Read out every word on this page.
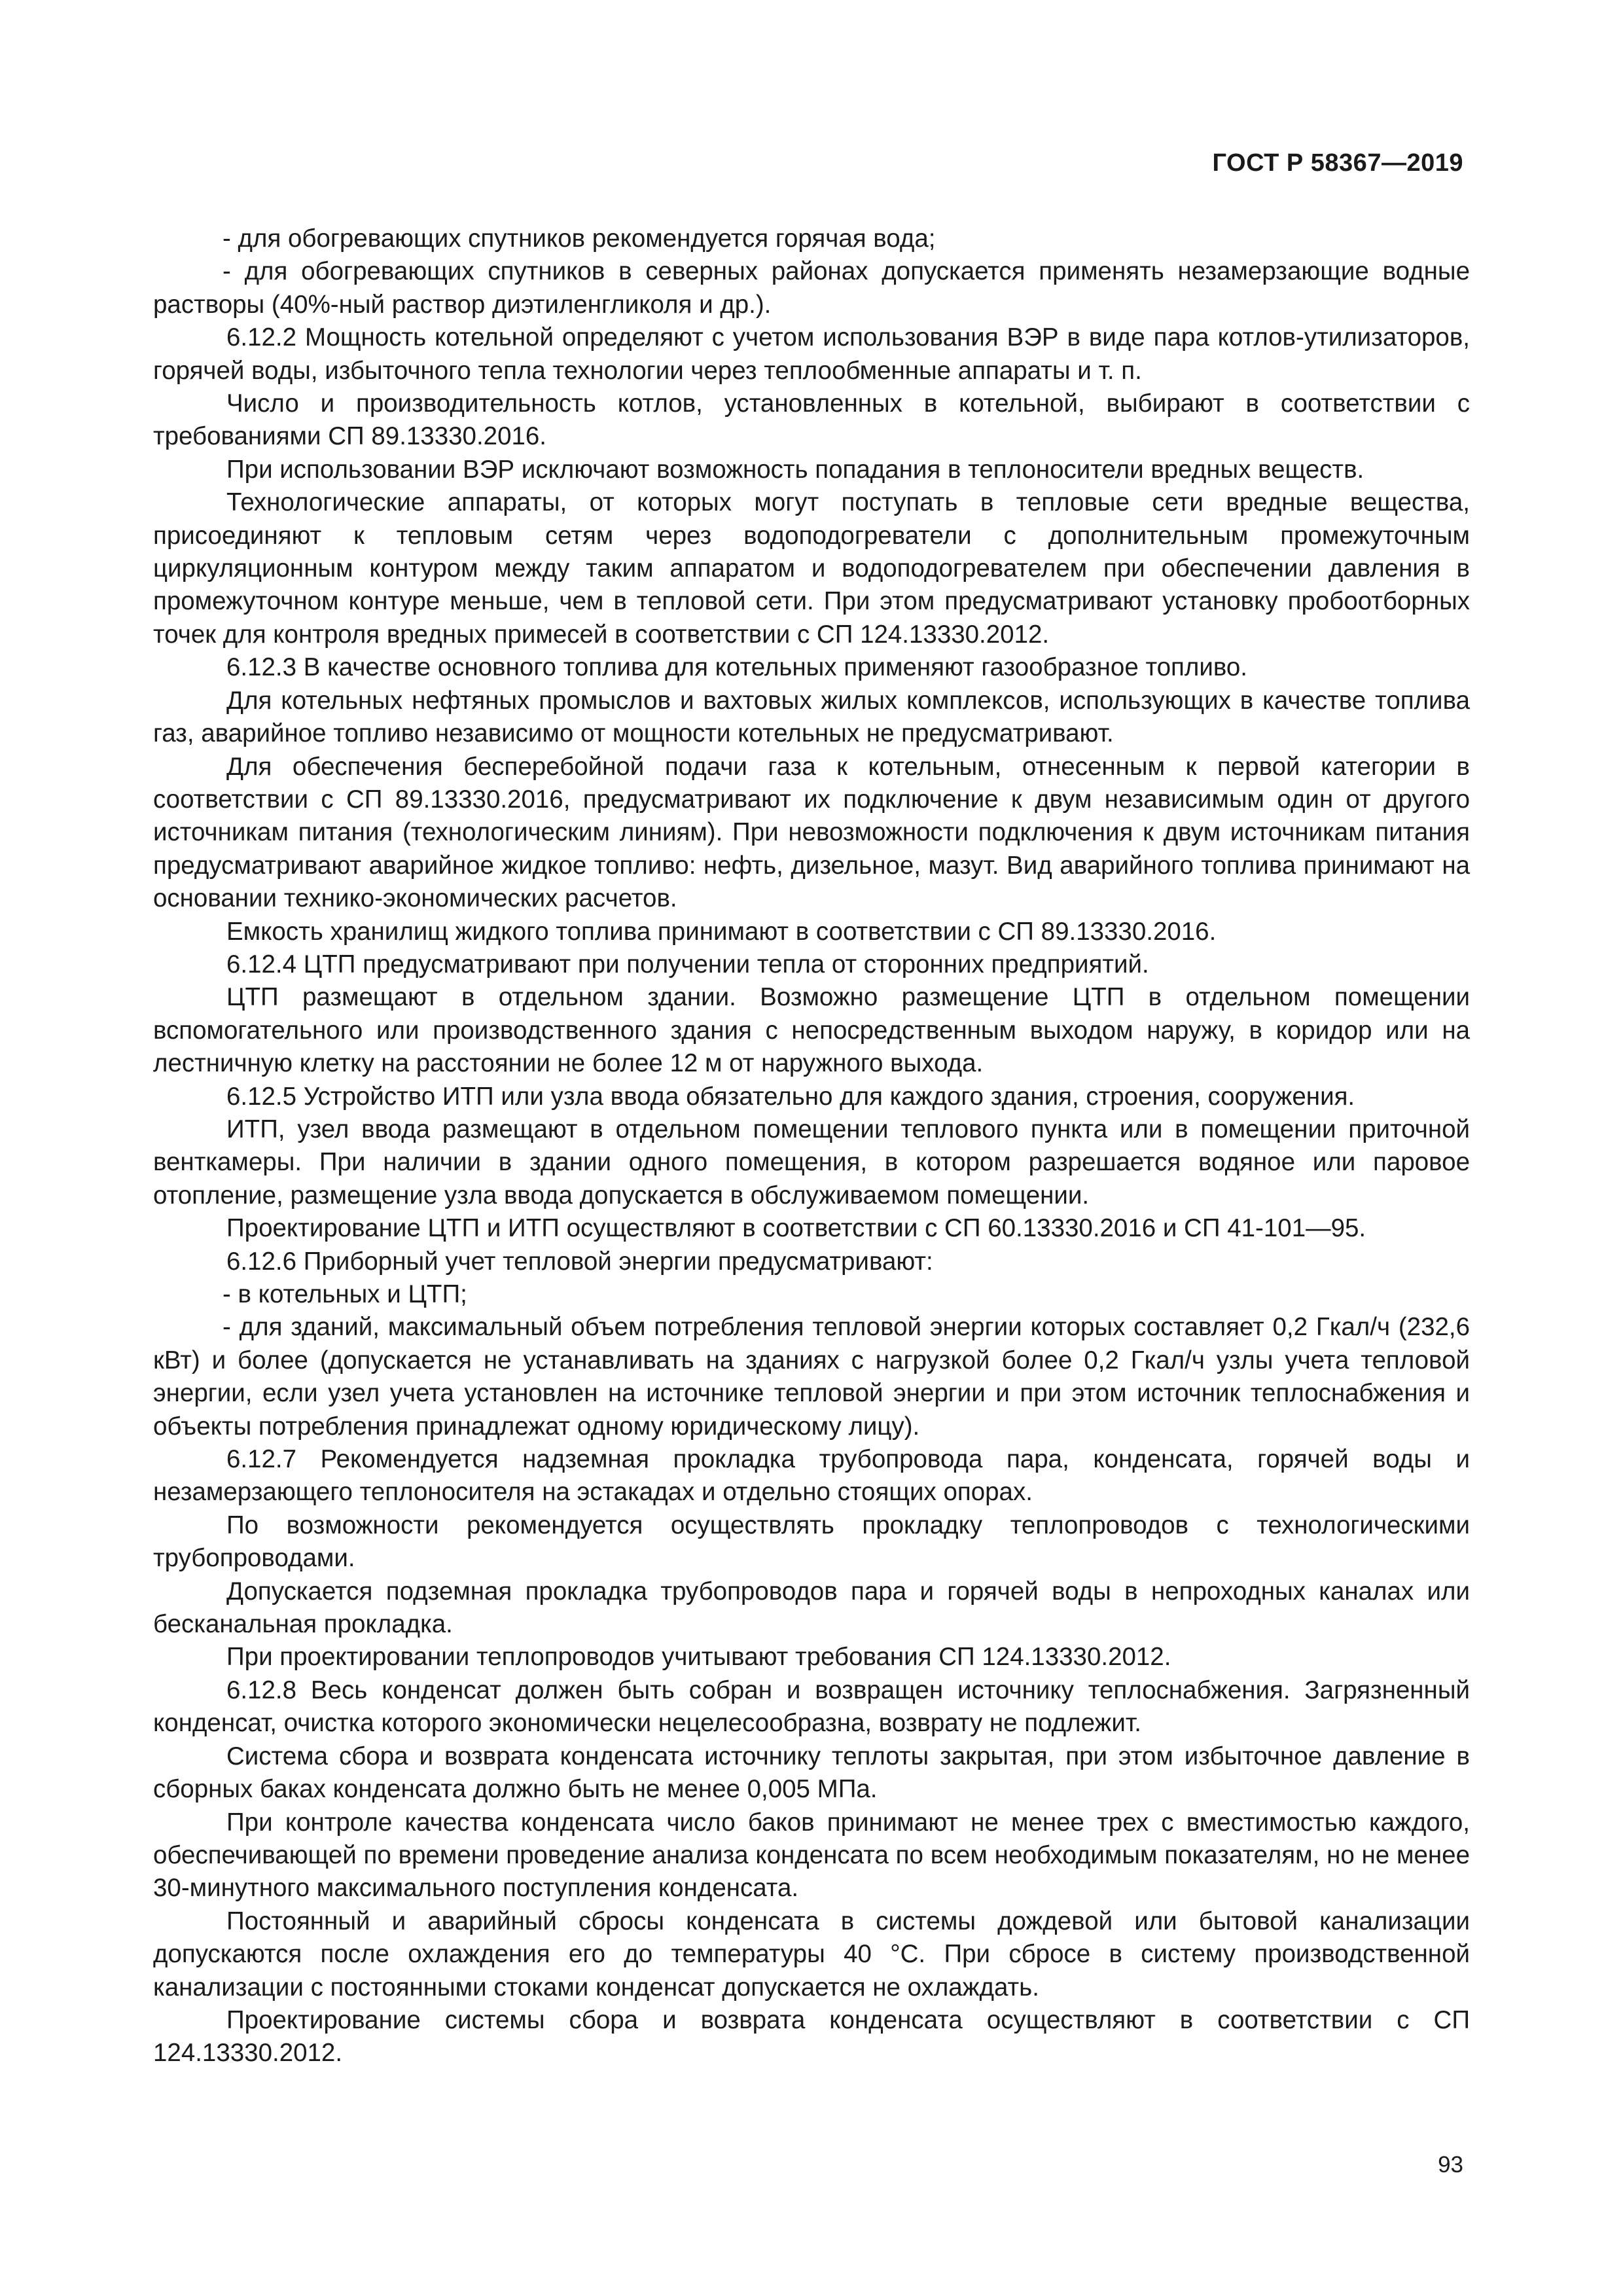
ГОСТ Р 58367—2019

- для обогревающих спутников рекомендуется горячая вода;

- для обогревающих спутников в северных районах допускается применять незамерзающие водные растворы (40%-ный раствор диэтиленгликоля и др.).

6.12.2 Мощность котельной определяют с учетом использования ВЭР в виде пара котлов-утилизаторов, горячей воды, избыточного тепла технологии через теплообменные аппараты и т. п.

Число и производительность котлов, установленных в котельной, выбирают в соответствии с требованиями СП 89.13330.2016.

При использовании ВЭР исключают возможность попадания в теплоносители вредных веществ.

Технологические аппараты, от которых могут поступать в тепловые сети вредные вещества, присоединяют к тепловым сетям через водоподогреватели с дополнительным промежуточным циркуляционным контуром между таким аппаратом и водоподогревателем при обеспечении давления в промежуточном контуре меньше, чем в тепловой сети. При этом предусматривают установку пробоотборных точек для контроля вредных примесей в соответствии с СП 124.13330.2012.

6.12.3 В качестве основного топлива для котельных применяют газообразное топливо.

Для котельных нефтяных промыслов и вахтовых жилых комплексов, использующих в качестве топлива газ, аварийное топливо независимо от мощности котельных не предусматривают.

Для обеспечения бесперебойной подачи газа к котельным, отнесенным к первой категории в соответствии с СП 89.13330.2016, предусматривают их подключение к двум независимым один от другого источникам питания (технологическим линиям). При невозможности подключения к двум источникам питания предусматривают аварийное жидкое топливо: нефть, дизельное, мазут. Вид аварийного топлива принимают на основании технико-экономических расчетов.

Емкость хранилищ жидкого топлива принимают в соответствии с СП 89.13330.2016.

6.12.4 ЦТП предусматривают при получении тепла от сторонних предприятий.

ЦТП размещают в отдельном здании. Возможно размещение ЦТП в отдельном помещении вспомогательного или производственного здания с непосредственным выходом наружу, в коридор или на лестничную клетку на расстоянии не более 12 м от наружного выхода.

6.12.5 Устройство ИТП или узла ввода обязательно для каждого здания, строения, сооружения.

ИТП, узел ввода размещают в отдельном помещении теплового пункта или в помещении приточной венткамеры. При наличии в здании одного помещения, в котором разрешается водяное или паровое отопление, размещение узла ввода допускается в обслуживаемом помещении.

Проектирование ЦТП и ИТП осуществляют в соответствии с СП 60.13330.2016 и СП 41-101—95.

6.12.6 Приборный учет тепловой энергии предусматривают:

- в котельных и ЦТП;

- для зданий, максимальный объем потребления тепловой энергии которых составляет 0,2 Гкал/ч (232,6 кВт) и более (допускается не устанавливать на зданиях с нагрузкой более 0,2 Гкал/ч узлы учета тепловой энергии, если узел учета установлен на источнике тепловой энергии и при этом источник теплоснабжения и объекты потребления принадлежат одному юридическому лицу).

6.12.7 Рекомендуется надземная прокладка трубопровода пара, конденсата, горячей воды и незамерзающего теплоносителя на эстакадах и отдельно стоящих опорах.

По возможности рекомендуется осуществлять прокладку теплопроводов с технологическими трубопроводами.

Допускается подземная прокладка трубопроводов пара и горячей воды в непроходных каналах или бесканальная прокладка.

При проектировании теплопроводов учитывают требования СП 124.13330.2012.

6.12.8 Весь конденсат должен быть собран и возвращен источнику теплоснабжения. Загрязненный конденсат, очистка которого экономически нецелесообразна, возврату не подлежит.

Система сбора и возврата конденсата источнику теплоты закрытая, при этом избыточное давление в сборных баках конденсата должно быть не менее 0,005 МПа.

При контроле качества конденсата число баков принимают не менее трех с вместимостью каждого, обеспечивающей по времени проведение анализа конденсата по всем необходимым показателям, но не менее 30-минутного максимального поступления конденсата.

Постоянный и аварийный сбросы конденсата в системы дождевой или бытовой канализации допускаются после охлаждения его до температуры 40 °C. При сбросе в систему производственной канализации с постоянными стоками конденсат допускается не охлаждать.

Проектирование системы сбора и возврата конденсата осуществляют в соответствии с СП 124.13330.2012.

93
